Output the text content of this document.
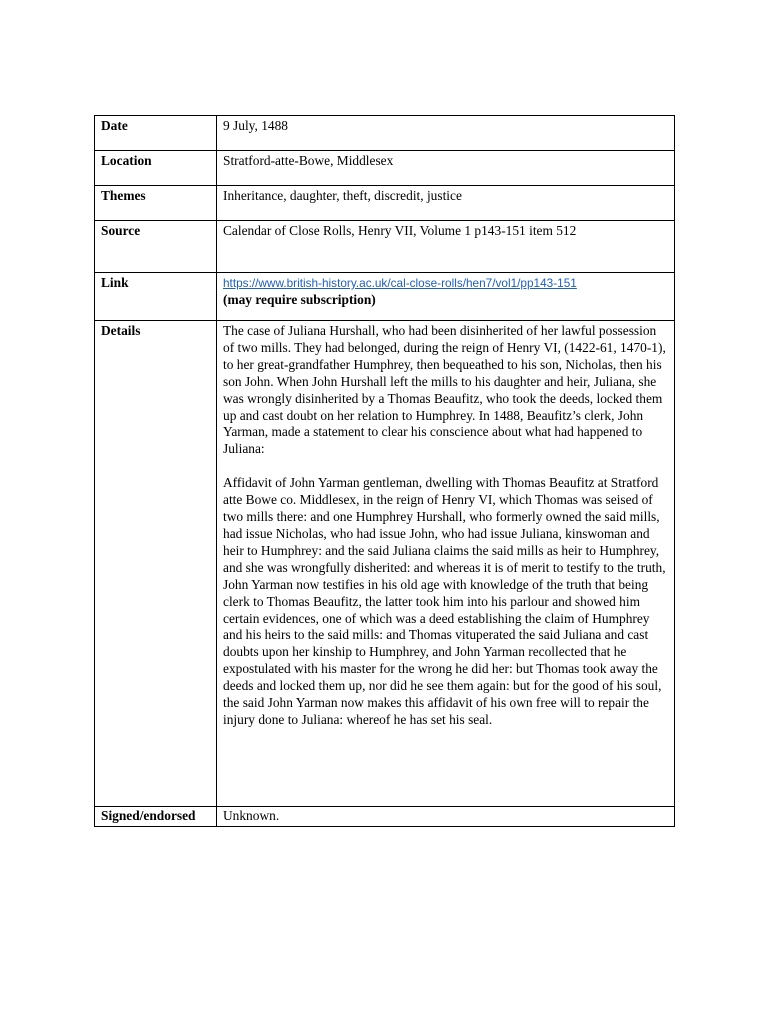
Date	9 July, 1488
Location	Stratford-atte-Bowe, Middlesex
Themes	Inheritance, daughter, theft, discredit, justice
Source	Calendar of Close Rolls, Henry VII, Volume 1 p143-151 item 512
Link	https://www.british-history.ac.uk/cal-close-rolls/hen7/vol1/pp143-151
(may require subscription)

Details	The case of Juliana Hurshall, who had been disinherited of her lawful possession of two mills. They had belonged, during the reign of Henry VI, (1422-61, 1470-1), to her great-grandfather Humphrey, then bequeathed to his son, Nicholas, then his son John. When John Hurshall left the mills to his daughter and heir, Juliana, she was wrongly disinherited by a Thomas Beaufitz, who took the deeds, locked them up and cast doubt on her relation to Humphrey. In 1488, Beaufitz’s clerk, John Yarman, made a statement to clear his conscience about what had happened to Juliana:
Affidavit of John Yarman gentleman, dwelling with Thomas Beaufitz at Stratford atte Bowe co. Middlesex, in the reign of Henry VI, which Thomas was seised of two mills there: and one Humphrey Hurshall, who formerly owned the said mills, had issue Nicholas, who had issue John, who had issue Juliana, kinswoman and heir to Humphrey: and the said Juliana claims the said mills as heir to Humphrey, and she was wrongfully disherited: and whereas it is of merit to testify to the truth, John Yarman now testifies in his old age with knowledge of the truth that being clerk to Thomas Beaufitz, the latter took him into his parlour and showed him certain evidences, one of which was a deed establishing the claim of Humphrey and his heirs to the said mills: and Thomas vituperated the said Juliana and cast doubts upon her kinship to Humphrey, and John Yarman recollected that he expostulated with his master for the wrong he did her: but Thomas took away the deeds and locked them up, nor did he see them again: but for the good of his soul, the said John Yarman now makes this affidavit of his own free will to repair the injury done to Juliana: whereof he has set his seal.

Signed/endorsed	Unknown.
